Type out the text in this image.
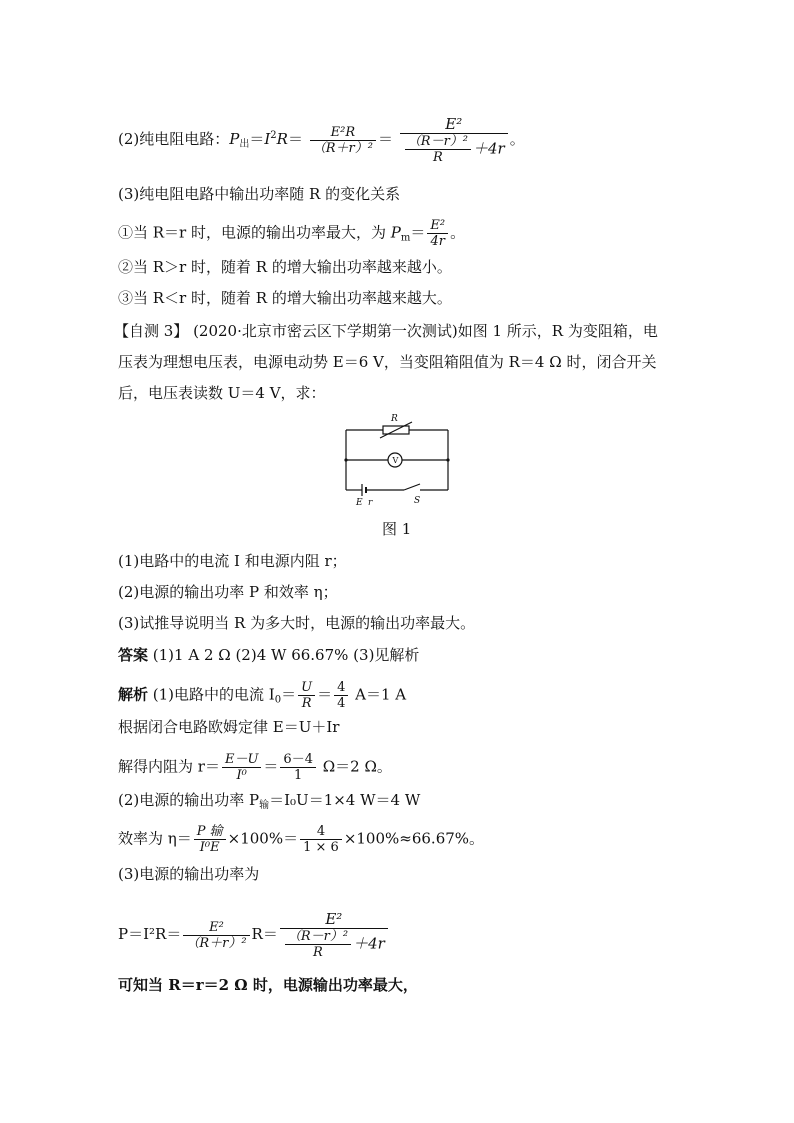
(2)纯电阻电路：$P_出=I^2R= \frac{\text{E²R}}{\text{（R＋r）²}} = \frac{\text{E²}}{\frac{\text{（R－r）²}}{R} +4r}$ 。
(3)纯电阻电路中输出功率随 R 的变化关系
①当 R＝r 时，电源的输出功率最大，为 $P_m= \frac{\text{E²}}{4r}$ 。
②当 R＞r 时，随着 R 的增大输出功率越来越小。
③当 R＜r 时，随着 R 的增大输出功率越来越大。
【自测 3】 (2020·北京市密云区下学期第一次测试)如图 1 所示，R 为变阻箱，电
压表为理想电压表，电源电动势 E＝6 V，当变阻箱阻值为 R＝4 Ω 时，闭合开关
后，电压表读数 U＝4 V，求：
R
V
E r	S
图 1
(1)电路中的电流 I 和电源内阻 r；
(2)电源的输出功率 P 和效率 η；
(3)试推导说明当 R 为多大时，电源的输出功率最大。
答案 (1)1 A 2 Ω (2)4 W 66.67% (3)见解析
解析 (1)电路中的电流 $I_0= \frac{U}{R} = \frac{4}{4} A=1$ A
根据闭合电路欧姆定律 E＝U＋Ir
解得内阻为 $r= \frac{E-U}{\text{I⁰}} = \frac{6-4}{1} \Omega=2$ Ω。
(2)电源的输出功率 $P_输=I_0U=1\times 4$ W＝4 W
效率为 $\eta= \frac{\text{P 输}}{\text{I⁰E}} \times 100\%= \frac{4}{1 \times 6} \times 100\%\approx 66.67\%$。
(3)电源的输出功率为
$P=I^2R= \frac{\text{E²}}{\text{（R＋r）²}} R= \frac{\text{E²}}{\frac{\text{（R－r）²}}{R} +4r}$
可知当 R＝r＝2 Ω 时，电源输出功率最大，
